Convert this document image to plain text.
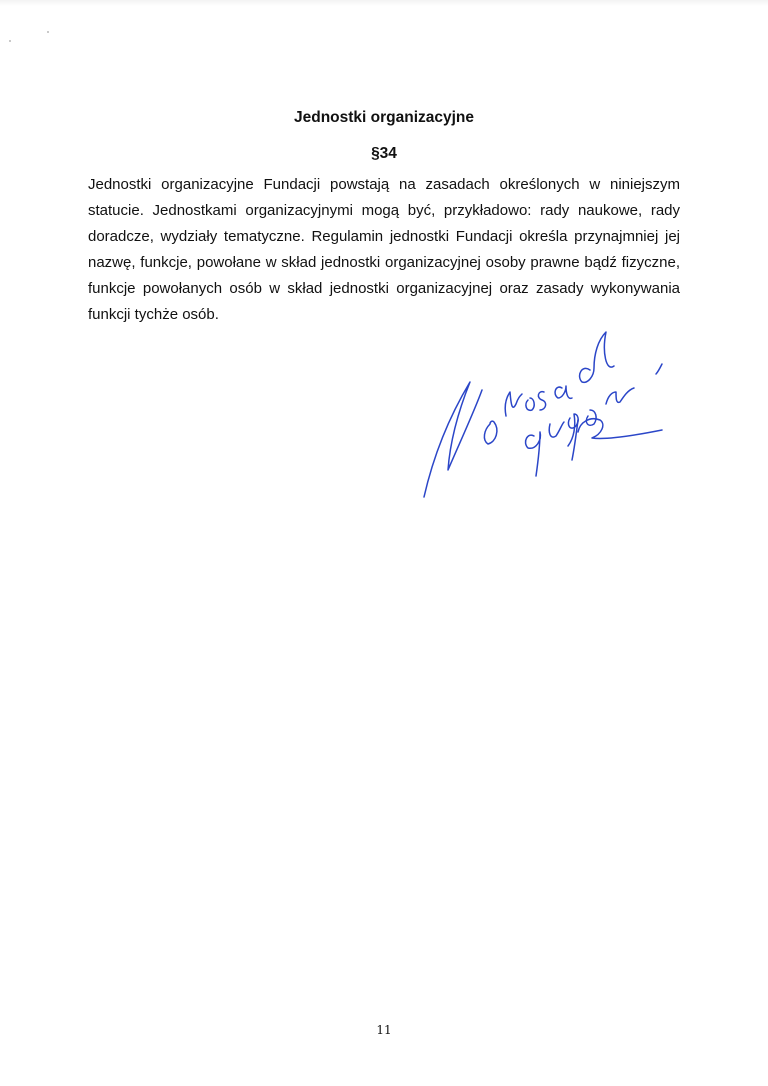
Jednostki organizacyjne
§34

Jednostki organizacyjne Fundacji powstają na zasadach określonych w niniejszym statucie. Jednostkami organizacyjnymi mogą być, przykładowo: rady naukowe, rady doradcze, wydziały tematyczne. Regulamin jednostki Fundacji określa przynajmniej jej nazwę, funkcje, powołane w skład jednostki organizacyjnej osoby prawne bądź fizyczne, funkcje powołanych osób w skład jednostki organizacyjnej oraz zasady wykonywania funkcji tychże osób.

11
